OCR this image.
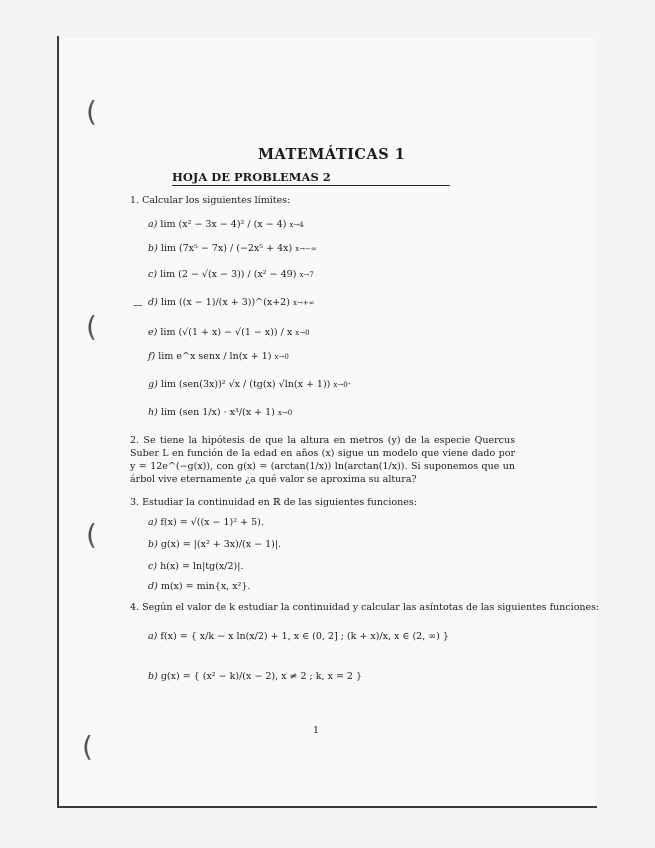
(
(
(
(
MATEMÁTICAS 1
HOJA DE PROBLEMAS 2
1. Calcular los siguientes límites:
a) lim (x² − 3x − 4)² / (x − 4) x→4
b) lim (7x⁵ − 7x) / (−2x⁵ + 4x) x→−∞
c) lim (2 − √(x − 3)) / (x² − 49) x→7
— d) lim ((x − 1)/(x + 3))^(x+2) x→+∞
e) lim (√(1 + x) − √(1 − x)) / x x→0
f) lim e^x senx / ln(x + 1) x→0
g) lim (sen(3x))² √x / (tg(x) √ln(x + 1)) x→0⁺
h) lim (sen 1/x) · x³/(x + 1) x→0
2. Se tiene la hipótesis de que la altura en metros (y) de la especie Quercus Suber L en función de la edad en años (x) sigue un modelo que viene dado por y = 12e^(−g(x)), con g(x) = (arctan(1/x)) ln(arctan(1/x)). Si suponemos que un árbol vive eternamente ¿a qué valor se aproxima su altura?
3. Estudiar la continuidad en ℝ de las siguientes funciones:
a) f(x) = √((x − 1)² + 5).
b) g(x) = |(x² + 3x)/(x − 1)|.
c) h(x) = ln|tg(x/2)|.
d) m(x) = min{x, x²}.
4. Según el valor de k estudiar la continuidad y calcular las asíntotas de las siguientes funciones:
a) f(x) = { x/k − x ln(x/2) + 1, x ∈ (0, 2] ; (k + x)/x, x ∈ (2, ∞) }
b) g(x) = { (x² − k)/(x − 2), x ≠ 2 ; k, x = 2 }
1
